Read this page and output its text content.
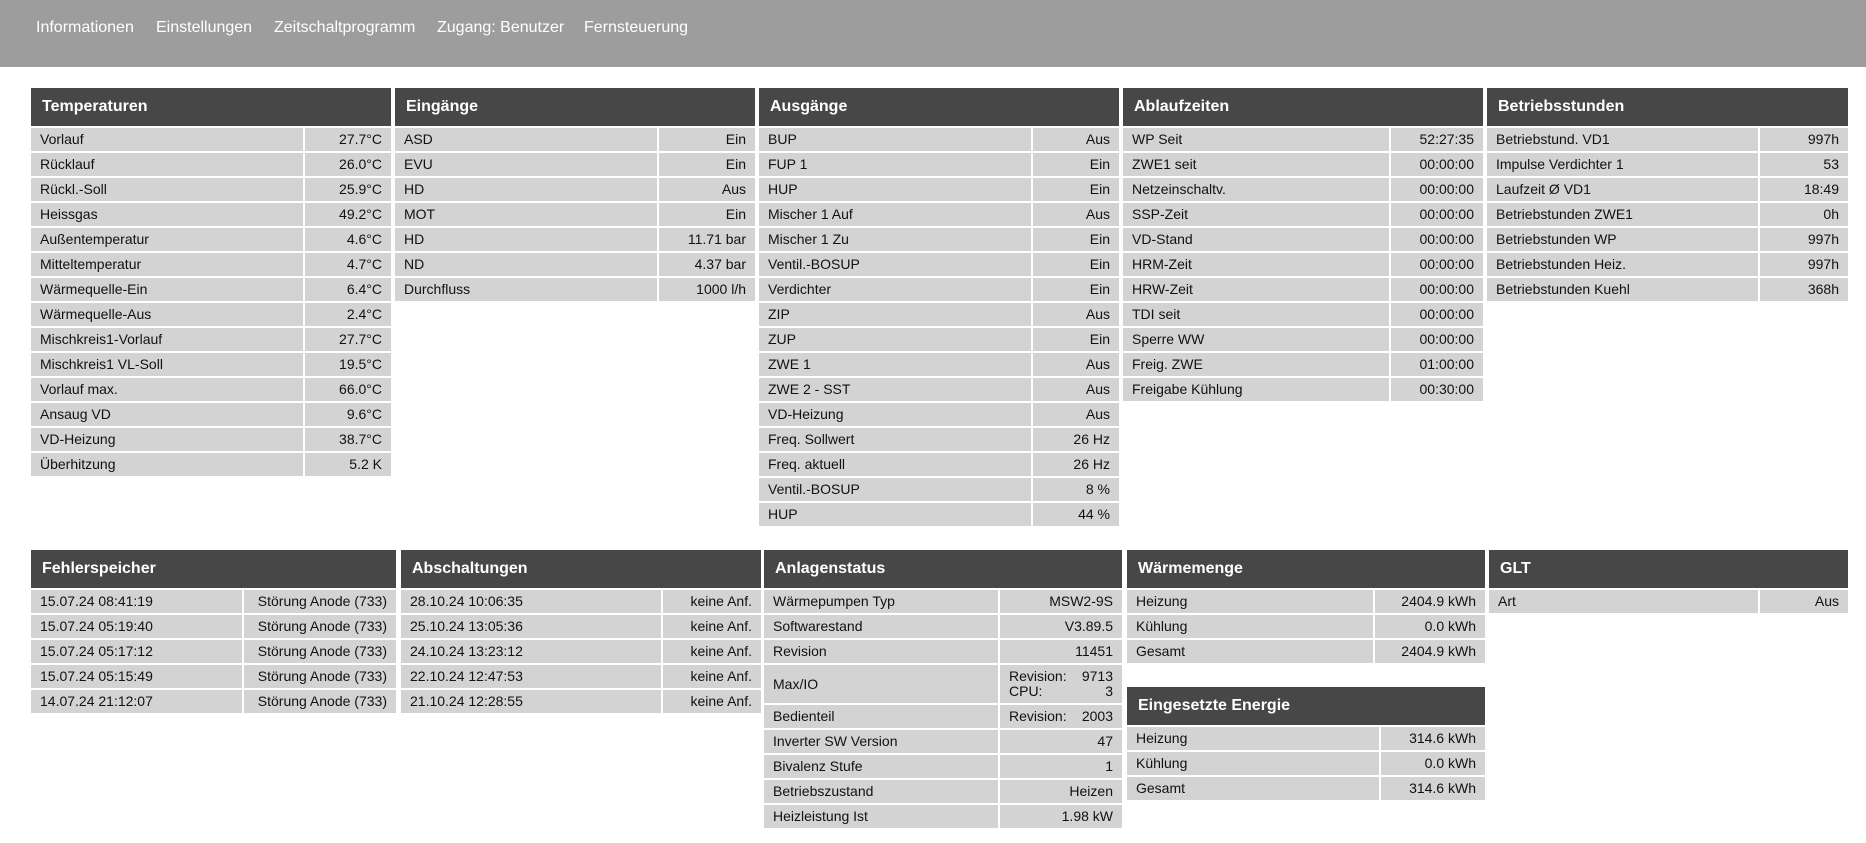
Informationen Einstellungen Zeitschaltprogramm Zugang: Benutzer Fernsteuerung
Temperaturen
Vorlauf	27.7°C
Rücklauf	26.0°C
Rückl.-Soll	25.9°C
Heissgas	49.2°C
Außentemperatur	4.6°C
Mitteltemperatur	4.7°C
Wärmequelle-Ein	6.4°C
Wärmequelle-Aus	2.4°C
Mischkreis1-Vorlauf	27.7°C
Mischkreis1 VL-Soll	19.5°C
Vorlauf max.	66.0°C
Ansaug VD	9.6°C
VD-Heizung	38.7°C
Überhitzung	5.2 K
Eingänge
ASD	Ein
EVU	Ein
HD	Aus
MOT	Ein
HD	11.71 bar
ND	4.37 bar
Durchfluss	1000 l/h
Ausgänge
BUP	Aus
FUP 1	Ein
HUP	Ein
Mischer 1 Auf	Aus
Mischer 1 Zu	Ein
Ventil.-BOSUP	Ein
Verdichter	Ein
ZIP	Aus
ZUP	Ein
ZWE 1	Aus
ZWE 2 - SST	Aus
VD-Heizung	Aus
Freq. Sollwert	26 Hz
Freq. aktuell	26 Hz
Ventil.-BOSUP	8 %
HUP	44 %
Ablaufzeiten
WP Seit	52:27:35
ZWE1 seit	00:00:00
Netzeinschaltv.	00:00:00
SSP-Zeit	00:00:00
VD-Stand	00:00:00
HRM-Zeit	00:00:00
HRW-Zeit	00:00:00
TDI seit	00:00:00
Sperre WW	00:00:00
Freig. ZWE	01:00:00
Freigabe Kühlung	00:30:00
Betriebsstunden
Betriebstund. VD1	997h
Impulse Verdichter 1	53
Laufzeit Ø VD1	18:49
Betriebstunden ZWE1	0h
Betriebstunden WP	997h
Betriebstunden Heiz.	997h
Betriebstunden Kuehl	368h
Fehlerspeicher
15.07.24 08:41:19	Störung Anode (733)
15.07.24 05:19:40	Störung Anode (733)
15.07.24 05:17:12	Störung Anode (733)
15.07.24 05:15:49	Störung Anode (733)
14.07.24 21:12:07	Störung Anode (733)
Abschaltungen
28.10.24 10:06:35	keine Anf.
25.10.24 13:05:36	keine Anf.
24.10.24 13:23:12	keine Anf.
22.10.24 12:47:53	keine Anf.
21.10.24 12:28:55	keine Anf.
Anlagenstatus
Wärmepumpen Typ	MSW2-9S
Softwarestand	V3.89.5
Revision	11451
Max/IO	Revision: 9713
CPU: 3

Bedienteil	Revision: 2003

Inverter SW Version	47
Bivalenz Stufe	1
Betriebszustand	Heizen
Heizleistung Ist	1.98 kW
Wärmemenge
Heizung	2404.9 kWh
Kühlung	0.0 kWh
Gesamt	2404.9 kWh
Eingesetzte Energie
Heizung	314.6 kWh
Kühlung	0.0 kWh
Gesamt	314.6 kWh
GLT
Art	Aus
